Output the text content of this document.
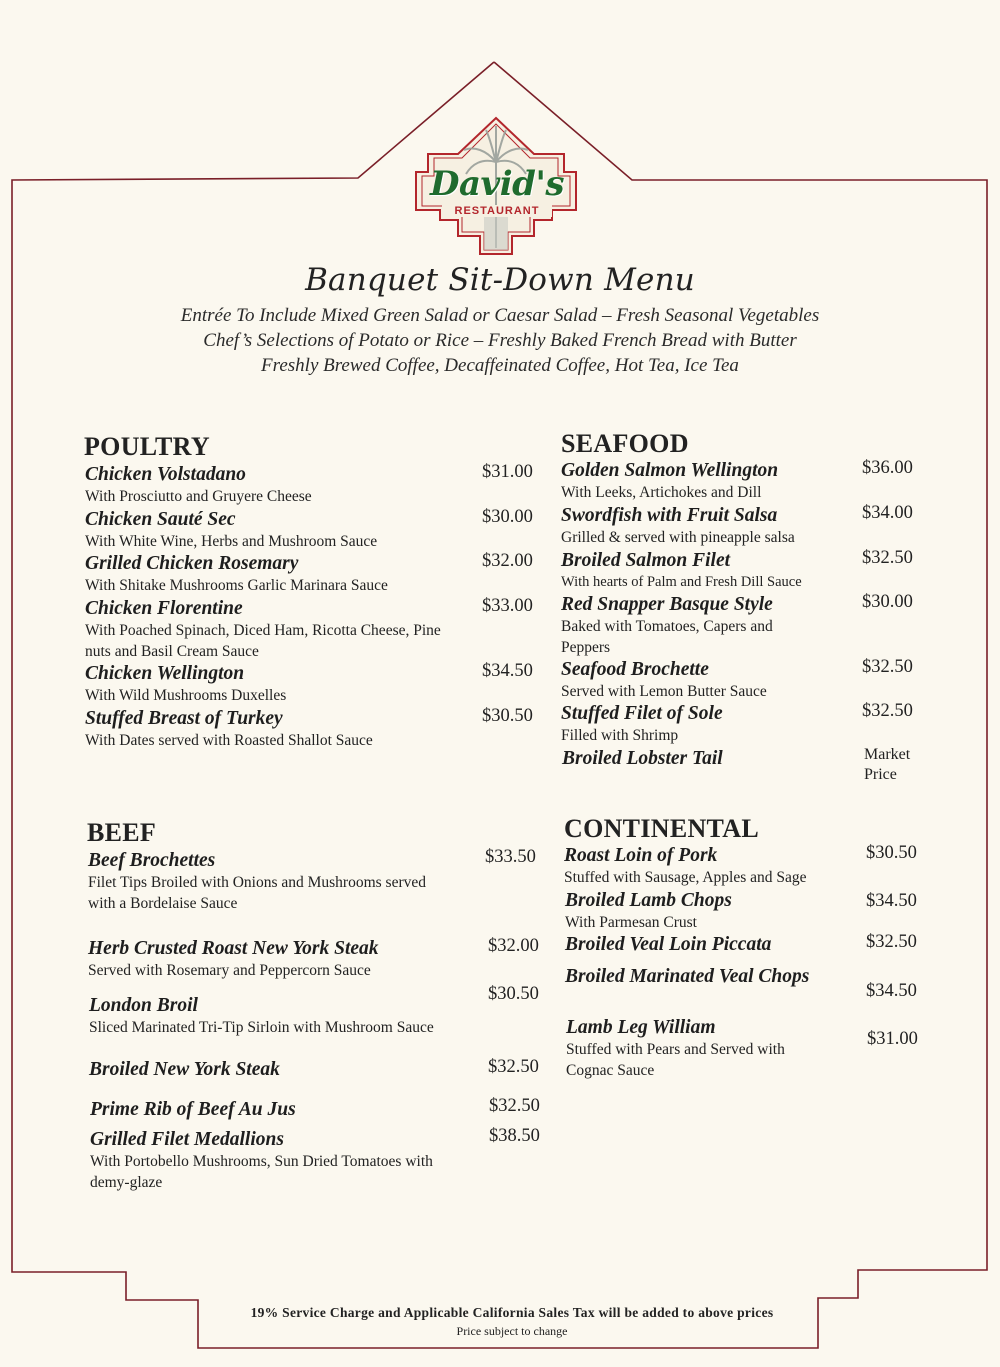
David's
RESTAURANT
Banquet Sit-Down Menu
Entrée To Include Mixed Green Salad or Caesar Salad – Fresh Seasonal Vegetables
Chef’s Selections of Potato or Rice – Freshly Baked French Bread with Butter
Freshly Brewed Coffee, Decaffeinated Coffee, Hot Tea, Ice Tea
POULTRY
Chicken Volstadano
With Prosciutto and Gruyere Cheese
$31.00
Chicken Sauté Sec
With White Wine, Herbs and Mushroom Sauce
$30.00
Grilled Chicken Rosemary
With Shitake Mushrooms Garlic Marinara Sauce
$32.00
Chicken Florentine
With Poached Spinach, Diced Ham, Ricotta Cheese, Pine nuts and Basil Cream Sauce
$33.00
Chicken Wellington
With Wild Mushrooms Duxelles
$34.50
Stuffed Breast of Turkey
With Dates served with Roasted Shallot Sauce
$30.50
SEAFOOD
Golden Salmon Wellington
With Leeks, Artichokes and Dill
$36.00
Swordfish with Fruit Salsa
Grilled & served with pineapple salsa
$34.00
Broiled Salmon Filet
With hearts of Palm and Fresh Dill Sauce
$32.50
Red Snapper Basque Style
Baked with Tomatoes, Capers and Peppers
$30.00
Seafood Brochette
Served with Lemon Butter Sauce
$32.50
Stuffed Filet of Sole
Filled with Shrimp
$32.50
Broiled Lobster Tail	Market Price
BEEF
Beef Brochettes
Filet Tips Broiled with Onions and Mushrooms served with a Bordelaise Sauce
$33.50
Herb Crusted Roast New York Steak
Served with Rosemary and Peppercorn Sauce
$32.00
London Broil
Sliced Marinated Tri-Tip Sirloin with Mushroom Sauce
$30.50
Broiled New York Steak	$32.50
Prime Rib of Beef Au Jus	$32.50
Grilled Filet Medallions
With Portobello Mushrooms, Sun Dried Tomatoes with demy-glaze
$38.50
CONTINENTAL
Roast Loin of Pork
Stuffed with Sausage, Apples and Sage
$30.50
Broiled Lamb Chops
With Parmesan Crust
$34.50
Broiled Veal Loin Piccata	$32.50
Broiled Marinated Veal Chops
$34.50
Lamb Leg William
Stuffed with Pears and Served with Cognac Sauce
$31.00
19% Service Charge and Applicable California Sales Tax will be added to above prices
Price subject to change
